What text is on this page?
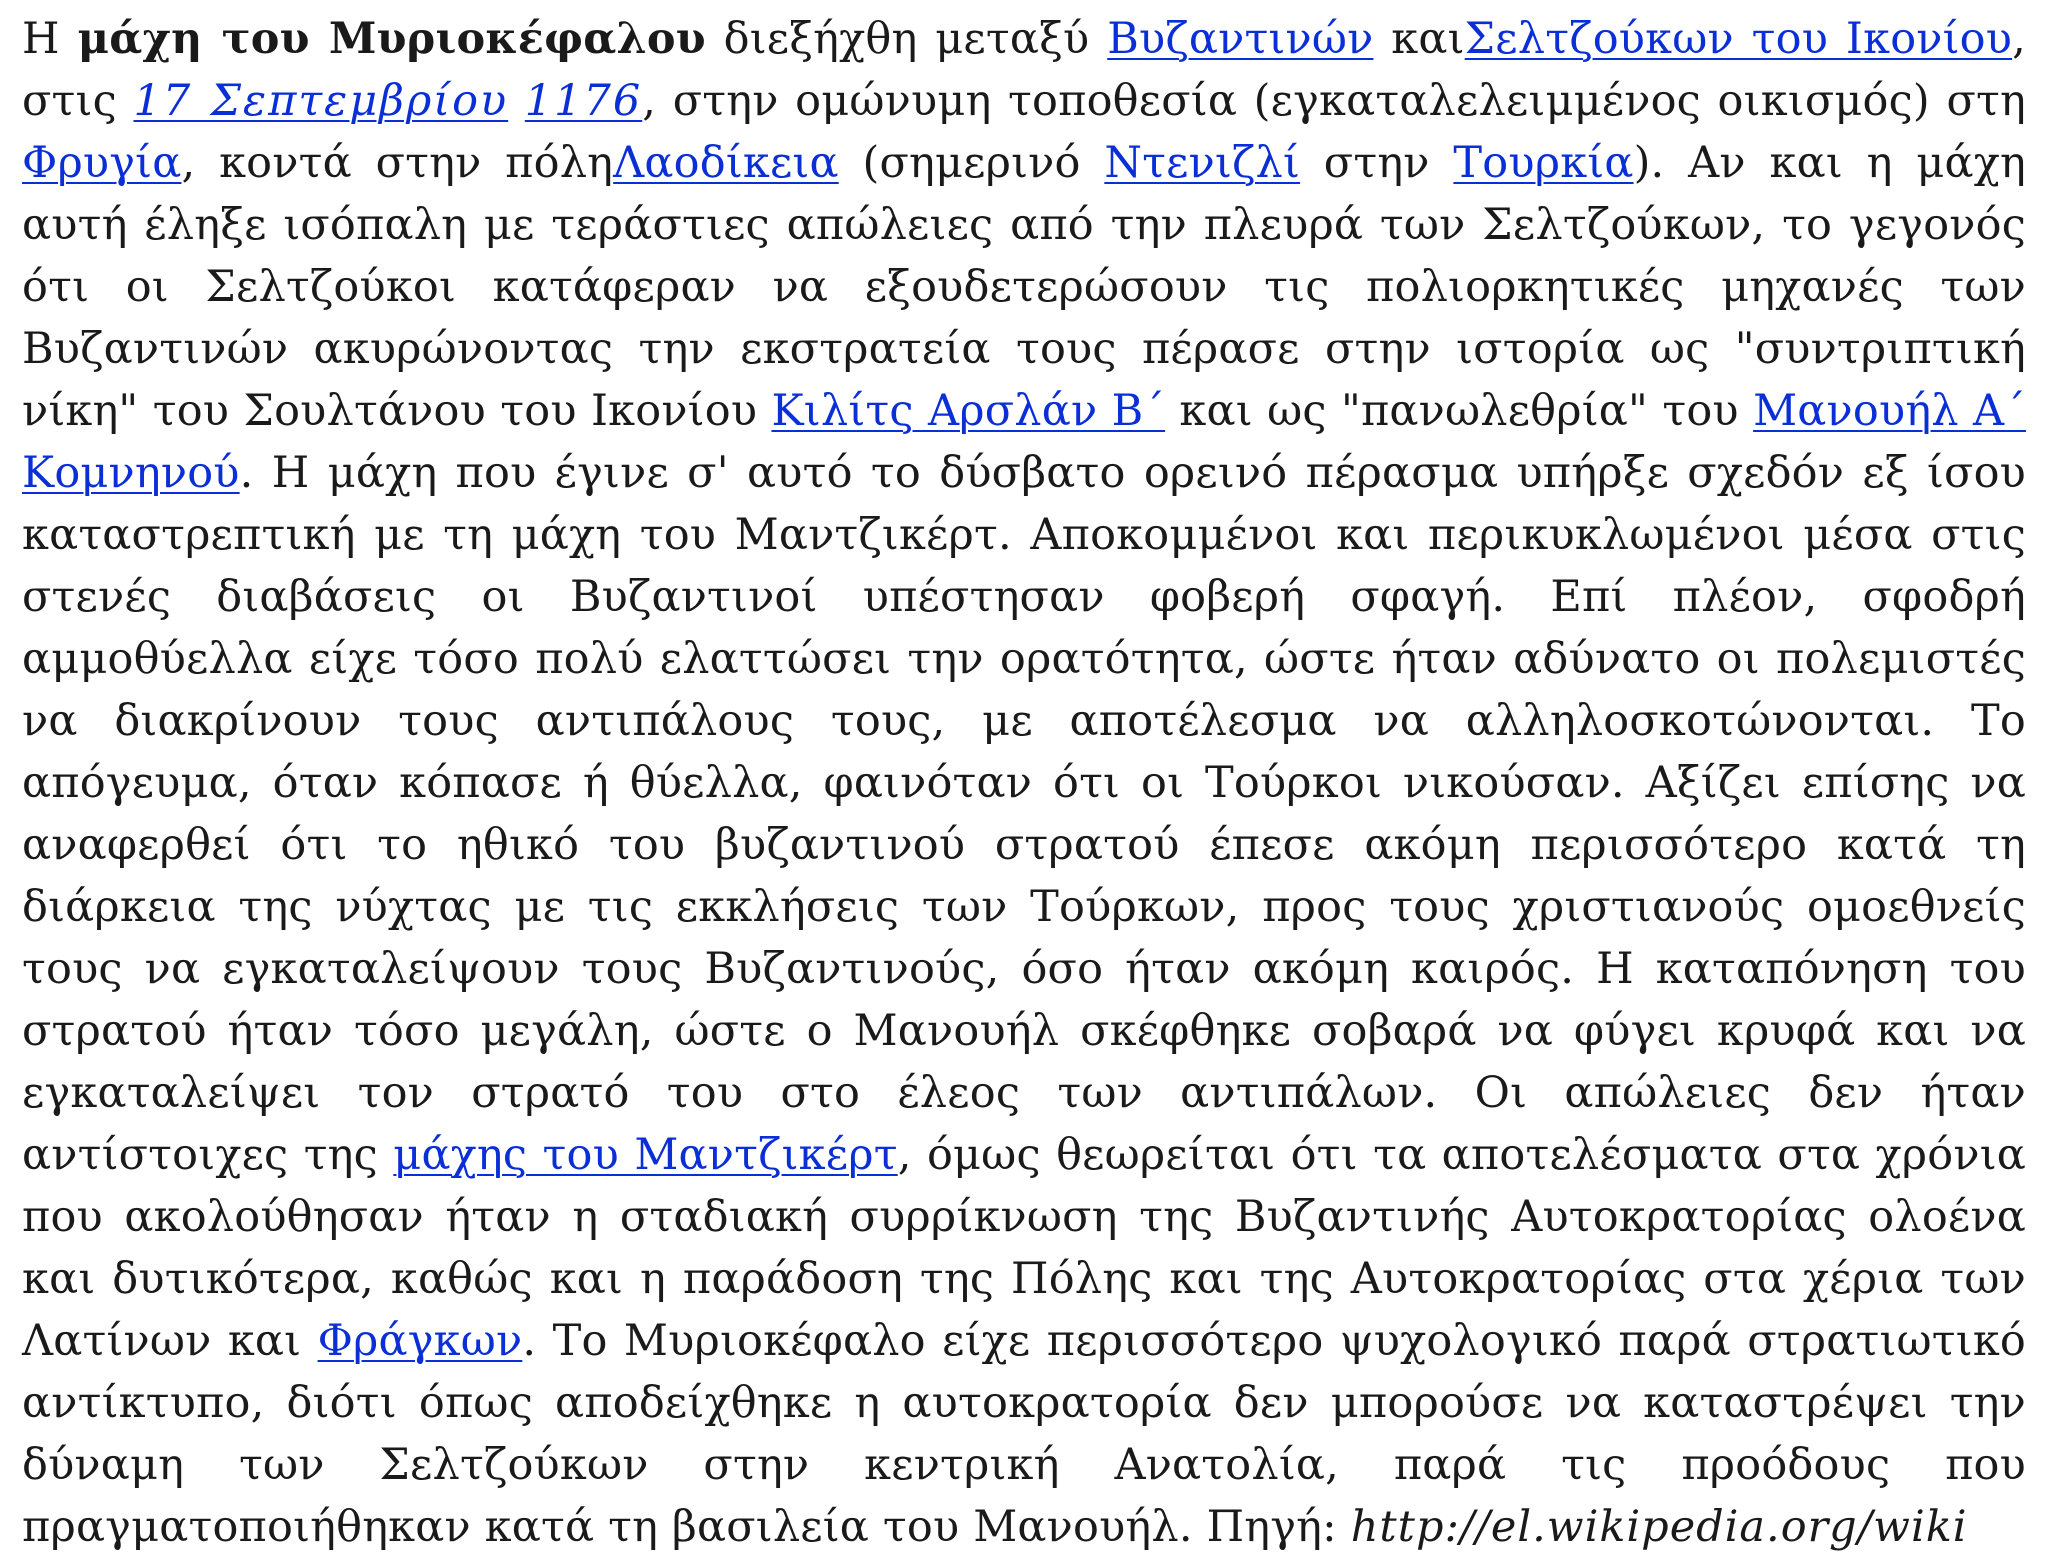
Η μάχη του Μυριοκέφαλου διεξήχθη μεταξύ Βυζαντινών καιΣελτζούκων του Ικονίου, στις 17 Σεπτεμβρίου 1176, στην ομώνυμη τοποθεσία (εγκαταλελειμμένος οικισμός) στη Φρυγία, κοντά στην πόληΛαοδίκεια (σημερινό Ντενιζλί στην Τουρκία). Αν και η μάχη αυτή έληξε ισόπαλη με τεράστιες απώλειες από την πλευρά των Σελτζούκων, το γεγονός ότι οι Σελτζούκοι κατάφεραν να εξουδετερώσουν τις πολιορκητικές μηχανές των Βυζαντινών ακυρώνοντας την εκστρατεία τους πέρασε στην ιστορία ως "συντριπτική νίκη" του Σουλτάνου του Ικονίου Κιλίτς Αρσλάν Β΄ και ως "πανωλεθρία" του Μανουήλ Α΄ Κομνηνού. Η μάχη που έγινε σ' αυτό το δύσβατο ορεινό πέρασμα υπήρξε σχεδόν εξ ίσου καταστρεπτική με τη μάχη του Μαντζικέρτ. Αποκομμένοι και περικυκλωμένοι μέσα στις στενές διαβάσεις οι Βυζαντινοί υπέστησαν φοβερή σφαγή. Επί πλέον, σφοδρή αμμοθύελλα είχε τόσο πολύ ελαττώσει την ορατότητα, ώστε ήταν αδύνατο οι πολεμιστές να διακρίνουν τους αντιπάλους τους, με αποτέλεσμα να αλληλοσκοτώνονται. Το απόγευμα, όταν κόπασε ή θύελλα, φαινόταν ότι οι Τούρκοι νικούσαν. Αξίζει επίσης να αναφερθεί ότι το ηθικό του βυζαντινού στρατού έπεσε ακόμη περισσότερο κατά τη διάρκεια της νύχτας με τις εκκλήσεις των Τούρκων, προς τους χριστιανούς ομοεθνείς τους να εγκαταλείψουν τους Βυζαντινούς, όσο ήταν ακόμη καιρός. Η καταπόνηση του στρατού ήταν τόσο μεγάλη, ώστε ο Μανουήλ σκέφθηκε σοβαρά να φύγει κρυφά και να εγκαταλείψει τον στρατό του στο έλεος των αντιπάλων. Οι απώλειες δεν ήταν αντίστοιχες της μάχης του Μαντζικέρτ, όμως θεωρείται ότι τα αποτελέσματα στα χρόνια που ακολούθησαν ήταν η σταδιακή συρρίκνωση της Βυζαντινής Αυτοκρατορίας ολοένα και δυτικότερα, καθώς και η παράδοση της Πόλης και της Αυτοκρατορίας στα χέρια των Λατίνων και Φράγκων. Το Μυριοκέφαλο είχε περισσότερο ψυχολογικό παρά στρατιωτικό αντίκτυπο, διότι όπως αποδείχθηκε η αυτοκρατορία δεν μπορούσε να καταστρέψει την δύναμη των Σελτζούκων στην κεντρική Ανατολία, παρά τις προόδους που πραγματοποιήθηκαν κατά τη βασιλεία του Μανουήλ. Πηγή: http://el.wikipedia.org/wiki
